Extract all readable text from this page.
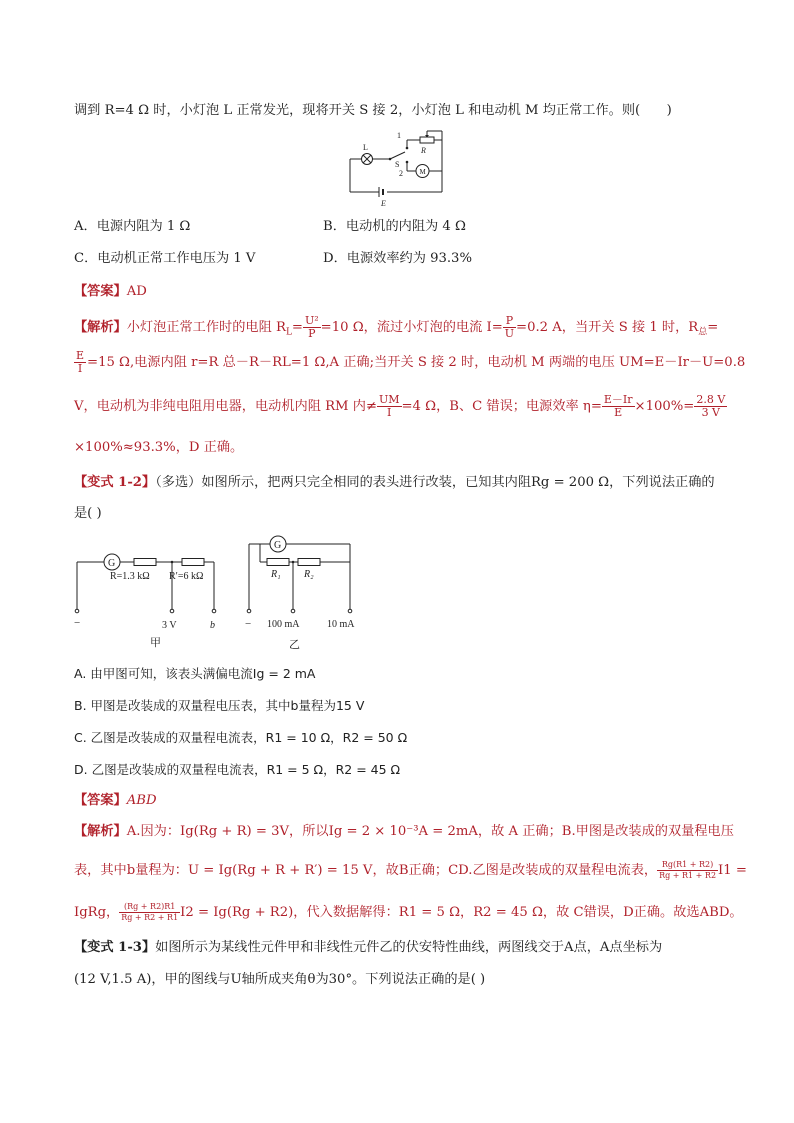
调到 R=4 Ω 时，小灯泡 L 正常发光，现将开关 S 接 2，小灯泡 L 和电动机 M 均正常工作。则(　　)
L
S
R
1
2 M
E
A．电源内阻为 1 Ω	B．电动机的内阻为 4 Ω
C．电动机正常工作电压为 1 V	D．电源效率约为 93.3%
【答案】AD
【解析】小灯泡正常工作时的电阻 $R_L= \frac{\text{U²}}{P} =10$ Ω，流过小灯泡的电流 $I= \frac{P}{U} =0.2$ A，当开关 S 接 1 时，$R_总=$
$\frac{E}{I} =15$ Ω,电源内阻 r=R 总－R－RL=1 Ω,A 正确;当开关 S 接 2 时，电动机 M 两端的电压 UM=E－Ir－U=0.8
V，电动机为非纯电阻用电器，电动机内阻 RM 内≠ $\frac{UM}{I} =4$ Ω，B、C 错误；电源效率 $\eta= \frac{E-Ir}{E} \times 100\%= \frac{2.8 V}{3 V}$
×100%≈93.3%，D 正确。
【变式 1-2】（多选）如图所示，把两只完全相同的表头进行改装，已知其内阻Rg = 200 Ω，下列说法正确的
是( )
G
R=1.3 kΩ R′=6 kΩ
−	3 V	b
甲
G
R₁ R₂
− 100 mA	10 mA
乙
A. 由甲图可知，该表头满偏电流Ig = 2 mA
B. 甲图是改装成的双量程电压表，其中b量程为15 V
C. 乙图是改装成的双量程电流表，R1 = 10 Ω，R2 = 50 Ω
D. 乙图是改装成的双量程电流表，R1 = 5 Ω，R2 = 45 Ω
【答案】ABD
【解析】A.因为：Ig(Rg + R) = 3V，所以Ig = 2 × 10⁻³A = 2mA，故 A 正确；B.甲图是改装成的双量程电压
表，其中b量程为：U = Ig(Rg + R + R′) = 15 V，故B正确；CD.乙图是改装成的双量程电流表， $\frac{Rg(R1 + R2)}{Rg + R1 + R2} I1$ =
IgRg， $\frac{(Rg + R2)R1}{Rg + R2 + R1} I2 = Ig(Rg + R2)$，代入数据解得：R1 = 5 Ω，R2 = 45 Ω，故 C错误，D正确。故选ABD。
【变式 1-3】如图所示为某线性元件甲和非线性元件乙的伏安特性曲线，两图线交于A点，A点坐标为
(12 V,1.5 A)，甲的图线与U轴所成夹角θ为30°。下列说法正确的是( )
